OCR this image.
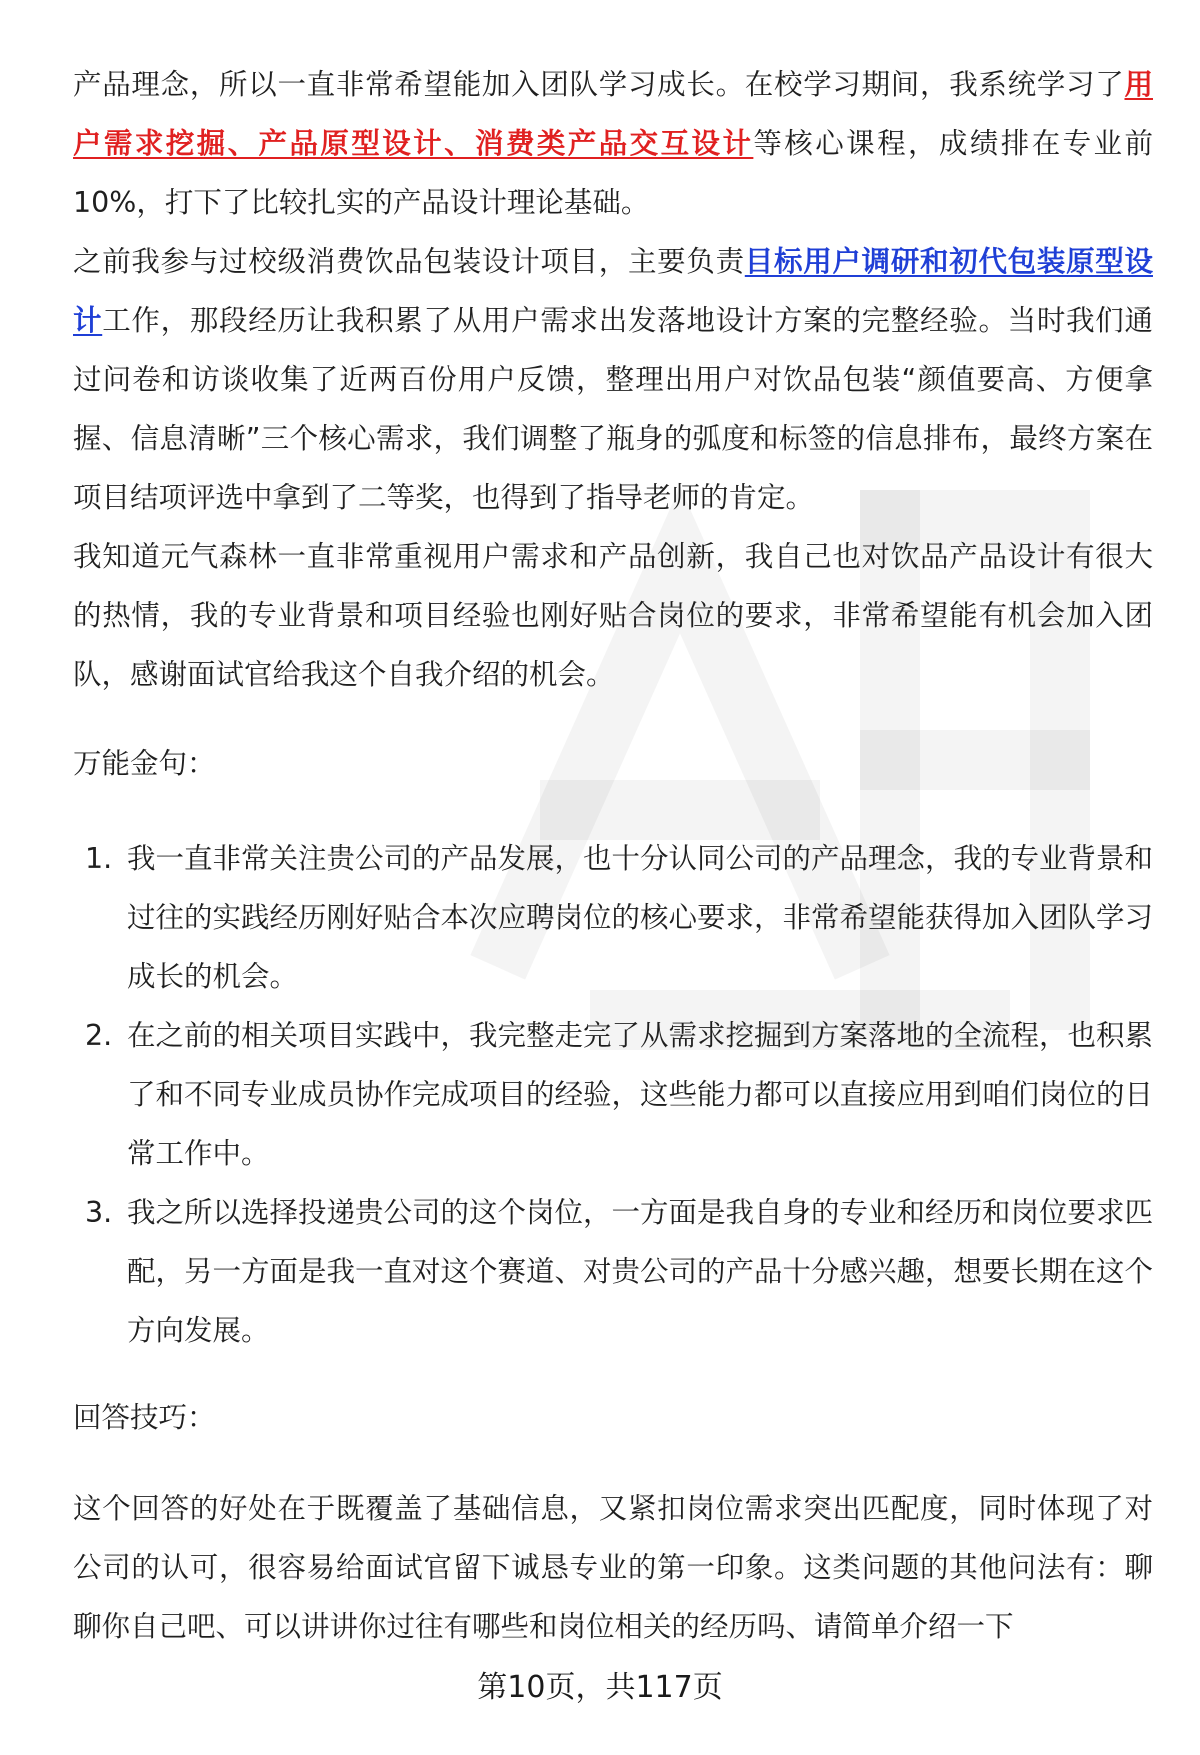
产品理念，所以一直非常希望能加入团队学习成长。在校学习期间，我系统学习了用户需求挖掘、产品原型设计、消费类产品交互设计等核心课程，成绩排在专业前10%，打下了比较扎实的产品设计理论基础。

之前我参与过校级消费饮品包装设计项目，主要负责目标用户调研和初代包装原型设计工作，那段经历让我积累了从用户需求出发落地设计方案的完整经验。当时我们通过问卷和访谈收集了近两百份用户反馈，整理出用户对饮品包装“颜值要高、方便拿握、信息清晰”三个核心需求，我们调整了瓶身的弧度和标签的信息排布，最终方案在项目结项评选中拿到了二等奖，也得到了指导老师的肯定。

我知道元气森林一直非常重视用户需求和产品创新，我自己也对饮品产品设计有很大的热情，我的专业背景和项目经验也刚好贴合岗位的要求，非常希望能有机会加入团队，感谢面试官给我这个自我介绍的机会。

万能金句：

1. 我一直非常关注贵公司的产品发展，也十分认同公司的产品理念，我的专业背景和过往的实践经历刚好贴合本次应聘岗位的核心要求，非常希望能获得加入团队学习成长的机会。
2. 在之前的相关项目实践中，我完整走完了从需求挖掘到方案落地的全流程，也积累了和不同专业成员协作完成项目的经验，这些能力都可以直接应用到咱们岗位的日常工作中。
3. 我之所以选择投递贵公司的这个岗位，一方面是我自身的专业和经历和岗位要求匹配，另一方面是我一直对这个赛道、对贵公司的产品十分感兴趣，想要长期在这个方向发展。

回答技巧：

这个回答的好处在于既覆盖了基础信息，又紧扣岗位需求突出匹配度，同时体现了对公司的认可，很容易给面试官留下诚恳专业的第一印象。这类问题的其他问法有：聊聊你自己吧、可以讲讲你过往有哪些和岗位相关的经历吗、请简单介绍一下

第10页，共117页
